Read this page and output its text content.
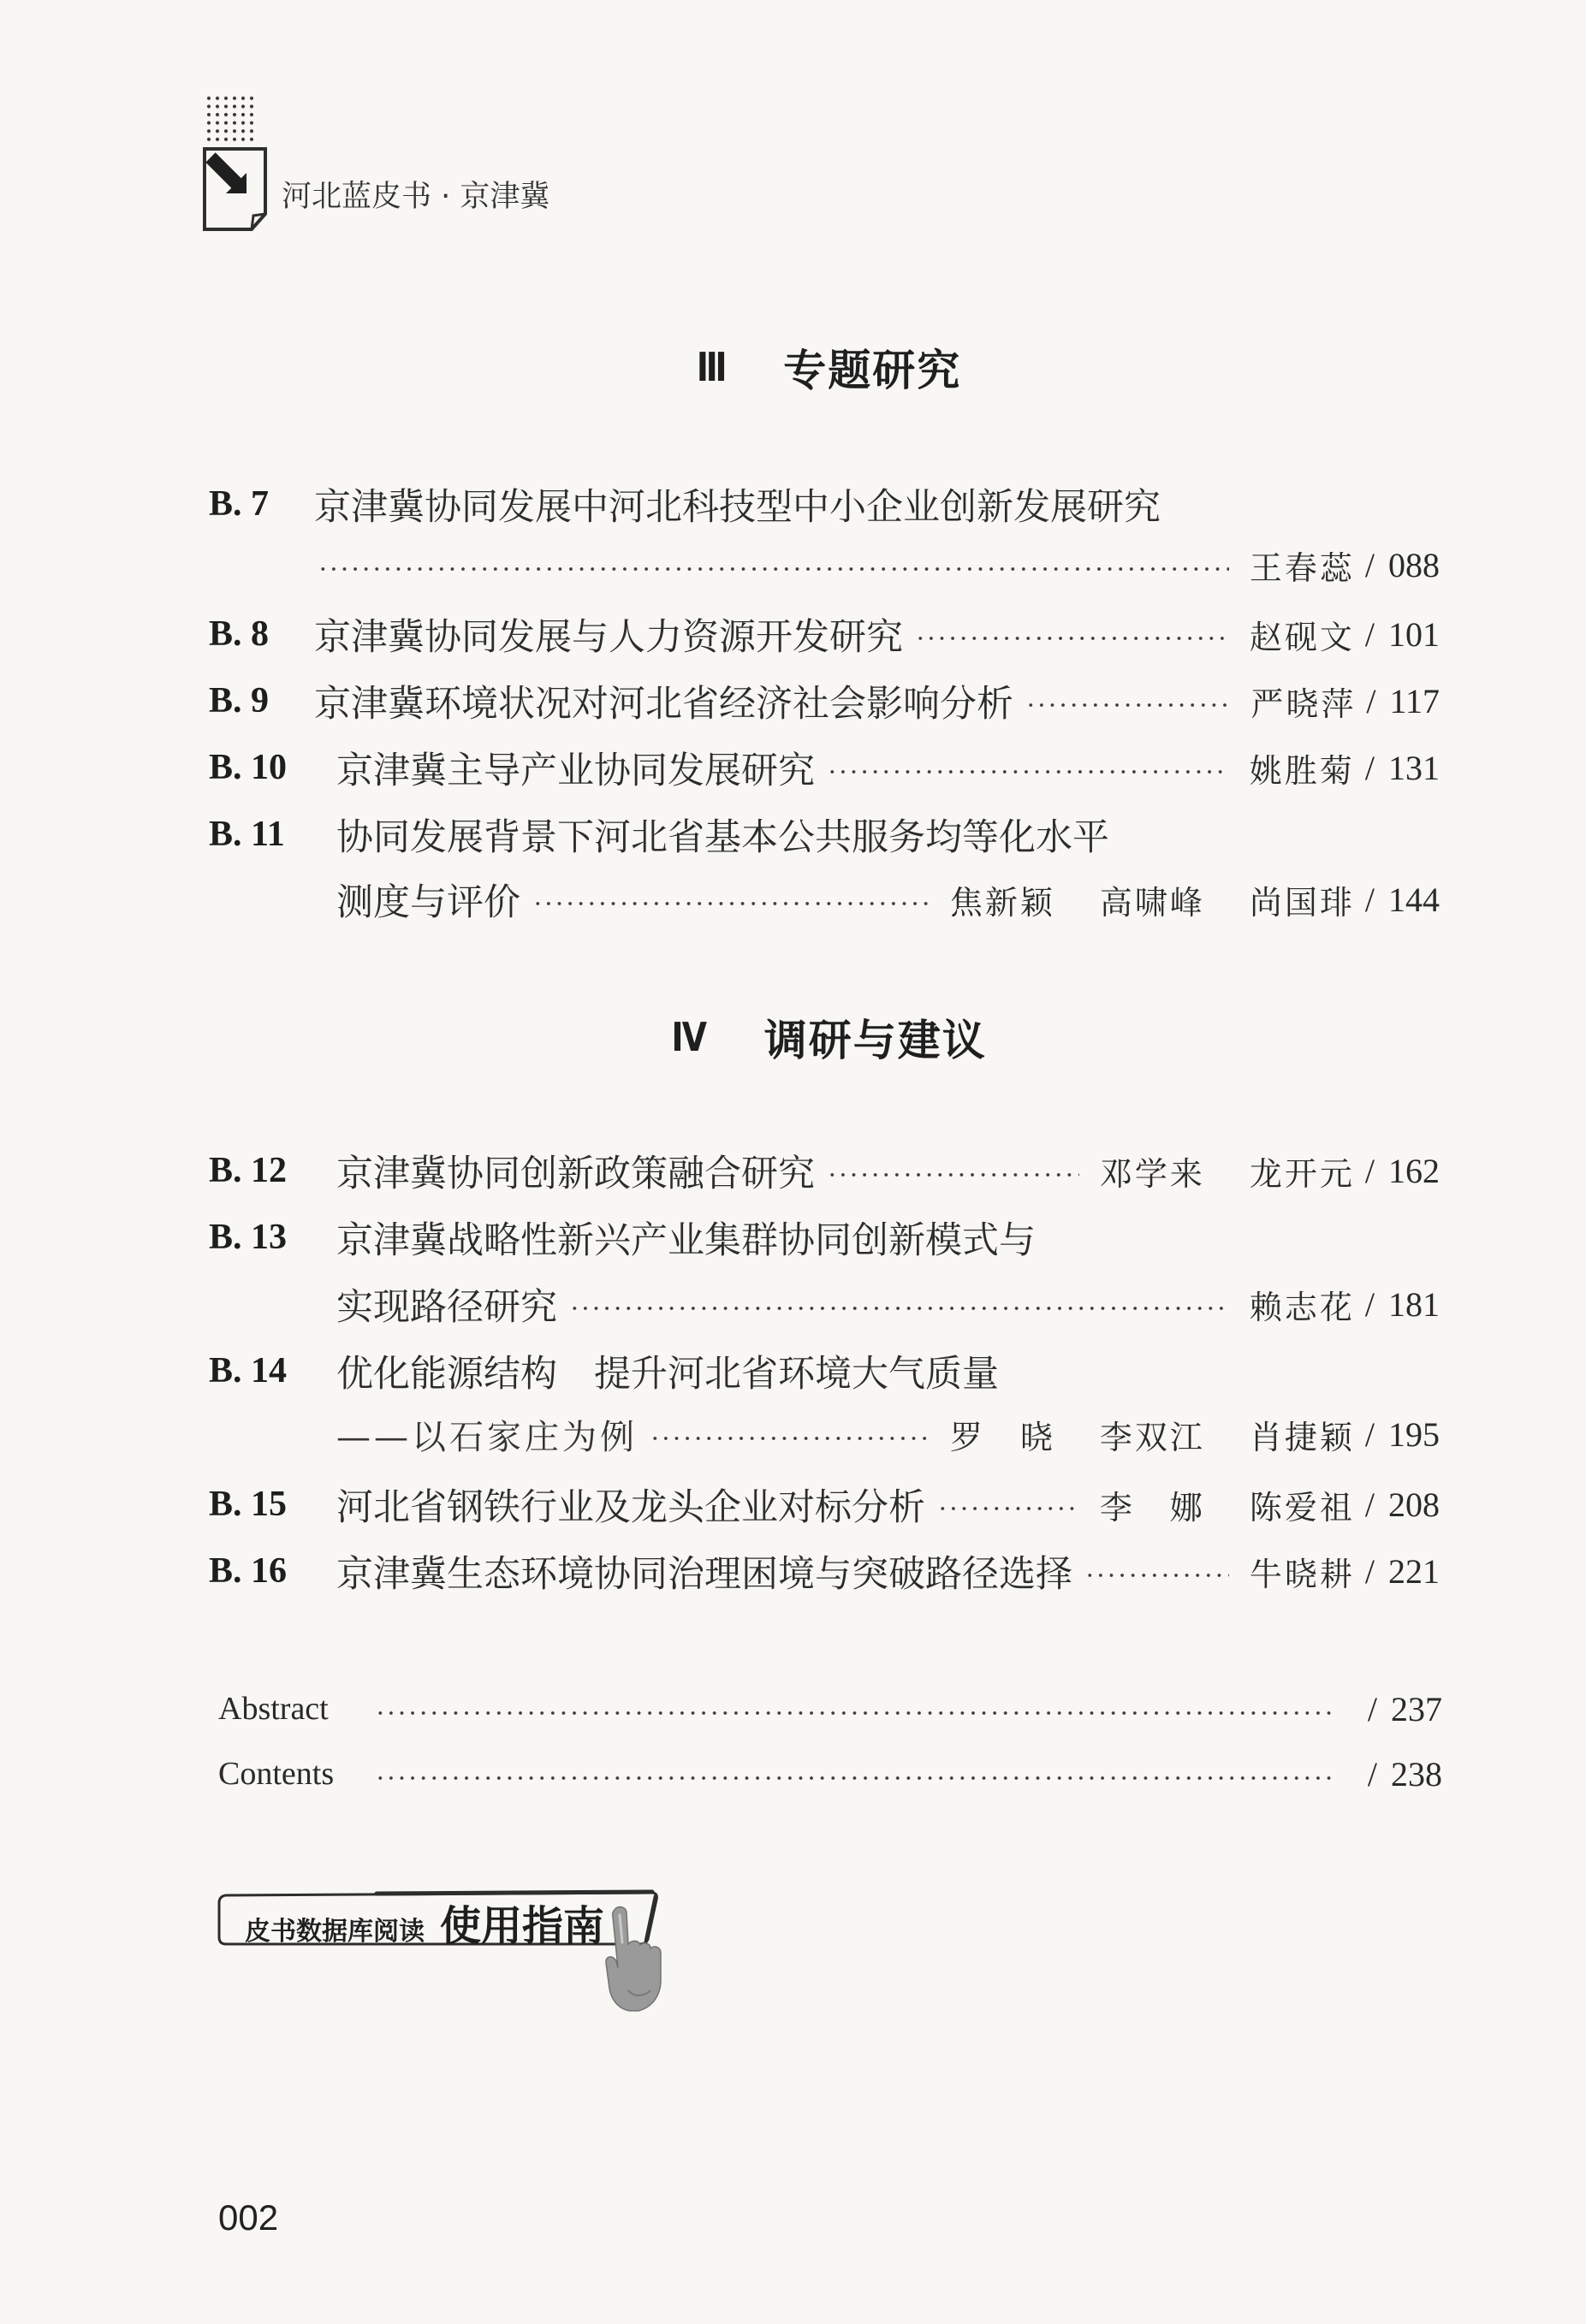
河北蓝皮书 · 京津冀
Ⅲ 专题研究
B. 7	京津冀协同发展中河北科技型中小企业创新发展研究
王春蕊 / 088
B. 8	京津冀协同发展与人力资源开发研究	赵砚文 / 101
B. 9	京津冀环境状况对河北省经济社会影响分析	严晓萍 / 117
B. 10	京津冀主导产业协同发展研究	姚胜菊 / 131
B. 11	协同发展背景下河北省基本公共服务均等化水平
测度与评价	焦新颖 高啸峰 尚国琲 / 144
Ⅳ 调研与建议
B. 12	京津冀协同创新政策融合研究	邓学来 龙开元 / 162
B. 13	京津冀战略性新兴产业集群协同创新模式与
实现路径研究	赖志花 / 181
B. 14	优化能源结构　提升河北省环境大气质量
——以石家庄为例	罗　晓 李双江 肖捷颖 / 195
B. 15	河北省钢铁行业及龙头企业对标分析	李　娜 陈爱祖 / 208
B. 16	京津冀生态环境协同治理困境与突破路径选择	牛晓耕 / 221
Abstract	/ 237
Contents	/ 238
皮书数据库阅读 使用指南
002
